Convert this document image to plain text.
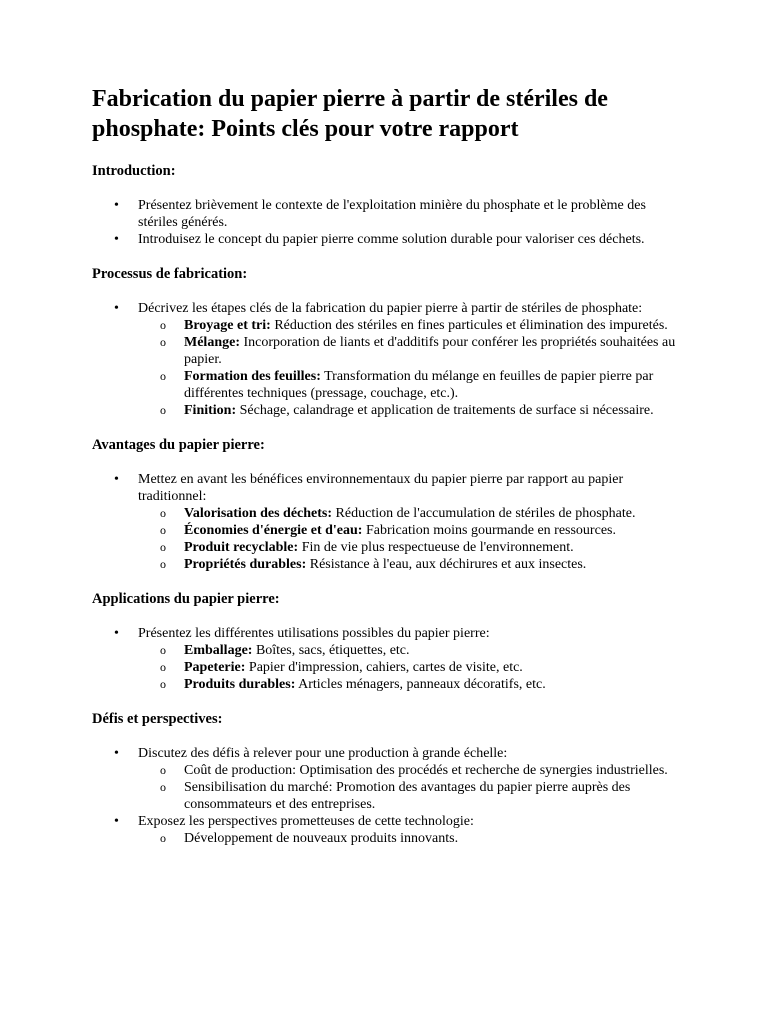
Fabrication du papier pierre à partir de stériles de phosphate: Points clés pour votre rapport
Introduction:
• Présentez brièvement le contexte de l'exploitation minière du phosphate et le problème des stériles générés.
• Introduisez le concept du papier pierre comme solution durable pour valoriser ces déchets.
Processus de fabrication:
• Décrivez les étapes clés de la fabrication du papier pierre à partir de stériles de phosphate:
o Broyage et tri: Réduction des stériles en fines particules et élimination des impuretés.
o Mélange: Incorporation de liants et d'additifs pour conférer les propriétés souhaitées au papier.
o Formation des feuilles: Transformation du mélange en feuilles de papier pierre par différentes techniques (pressage, couchage, etc.).
o Finition: Séchage, calandrage et application de traitements de surface si nécessaire.
Avantages du papier pierre:
• Mettez en avant les bénéfices environnementaux du papier pierre par rapport au papier traditionnel:
o Valorisation des déchets: Réduction de l'accumulation de stériles de phosphate.
o Économies d'énergie et d'eau: Fabrication moins gourmande en ressources.
o Produit recyclable: Fin de vie plus respectueuse de l'environnement.
o Propriétés durables: Résistance à l'eau, aux déchirures et aux insectes.
Applications du papier pierre:
• Présentez les différentes utilisations possibles du papier pierre:
o Emballage: Boîtes, sacs, étiquettes, etc.
o Papeterie: Papier d'impression, cahiers, cartes de visite, etc.
o Produits durables: Articles ménagers, panneaux décoratifs, etc.
Défis et perspectives:
• Discutez des défis à relever pour une production à grande échelle:
o Coût de production: Optimisation des procédés et recherche de synergies industrielles.
o Sensibilisation du marché: Promotion des avantages du papier pierre auprès des consommateurs et des entreprises.
• Exposez les perspectives prometteuses de cette technologie:
o Développement de nouveaux produits innovants.
